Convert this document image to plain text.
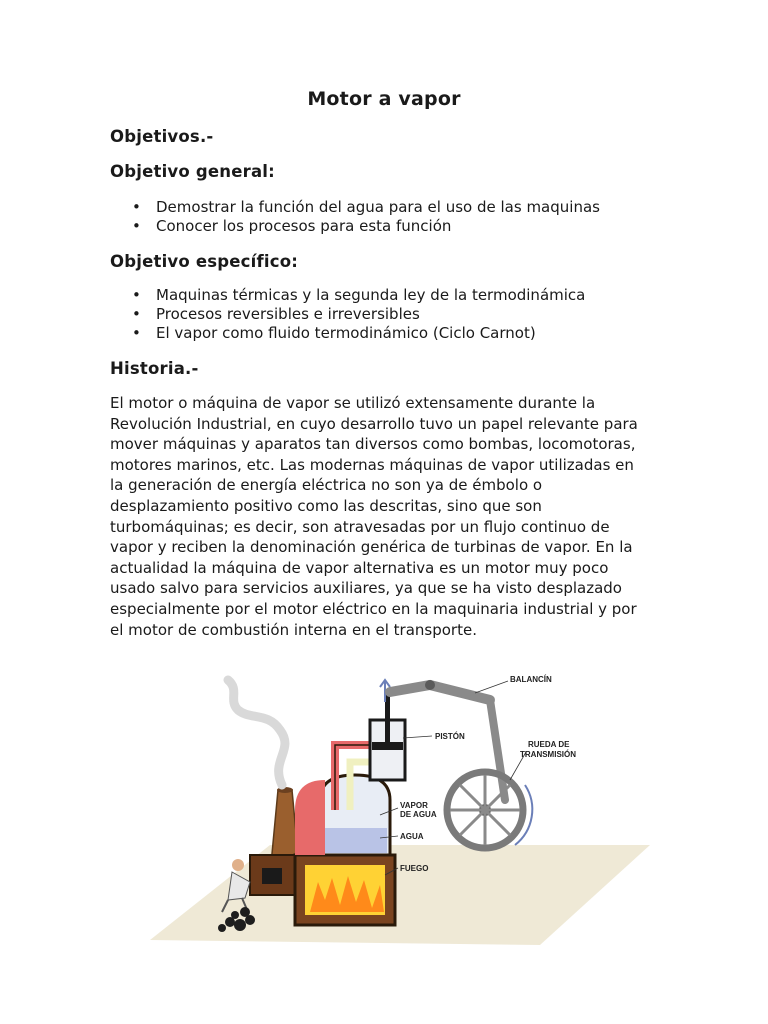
Motor a vapor
Objetivos.-
Objetivo general:
• Demostrar la función del agua para el uso de las maquinas
• Conocer los procesos para esta función
Objetivo específico:
• Maquinas térmicas y la segunda ley de la termodinámica
• Procesos reversibles e irreversibles
• El vapor como fluido termodinámico (Ciclo Carnot)
Historia.-
El motor o máquina de vapor se utilizó extensamente durante la
Revolución Industrial, en cuyo desarrollo tuvo un papel relevante para
mover máquinas y aparatos tan diversos como bombas, locomotoras,
motores marinos, etc. Las modernas máquinas de vapor utilizadas en
la generación de energía eléctrica no son ya de émbolo o
desplazamiento positivo como las descritas, sino que son
turbomáquinas; es decir, son atravesadas por un flujo continuo de
vapor y reciben la denominación genérica de turbinas de vapor. En la
actualidad la máquina de vapor alternativa es un motor muy poco
usado salvo para servicios auxiliares, ya que se ha visto desplazado
especialmente por el motor eléctrico en la maquinaria industrial y por
el motor de combustión interna en el transporte.
BALANCÍN
PISTÓN
RUEDA DE
TRANSMISIÓN
VAPOR
DE AGUA
AGUA
FUEGO
